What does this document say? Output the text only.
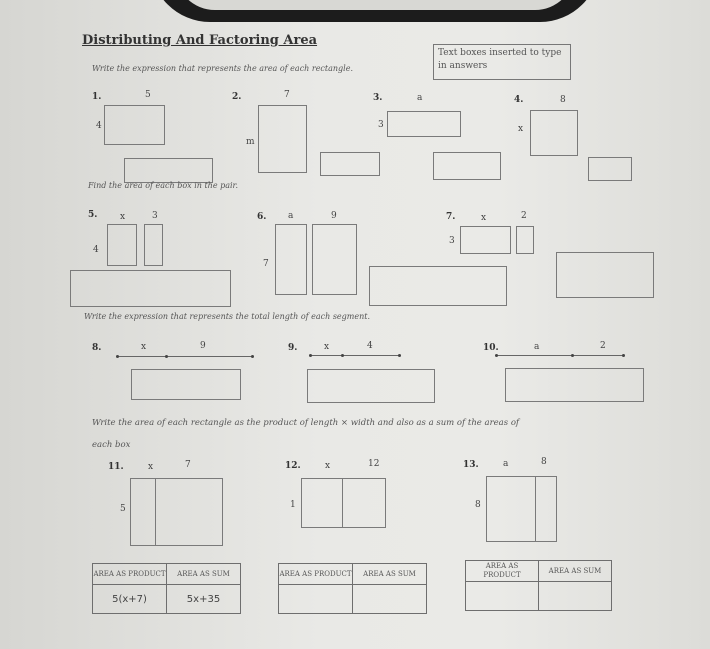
Distributing And Factoring Area
Text boxes inserted to type in answers
Write the expression that represents the area of each rectangle.
1.	5
4
2.	7
m
3.	a
3
4.	8
x
Find the area of each box in the pair.
5.	x	3
4
6. a	9
7
7.	x	2
3
Write the expression that represents the total length of each segment.
8.	x	9	9.	x	4	10.	a	2
Write the area of each rectangle as the product of length × width and also as a sum of the areas of
each box
11.	x	7
5
AREA AS PRODUCT	AREA AS SUM
5(x+7)	5x+35
12.	x	12
1
AREA AS PRODUCT	AREA AS SUM

13.	a	8
8
AREA AS PRODUCT	AREA AS SUM
